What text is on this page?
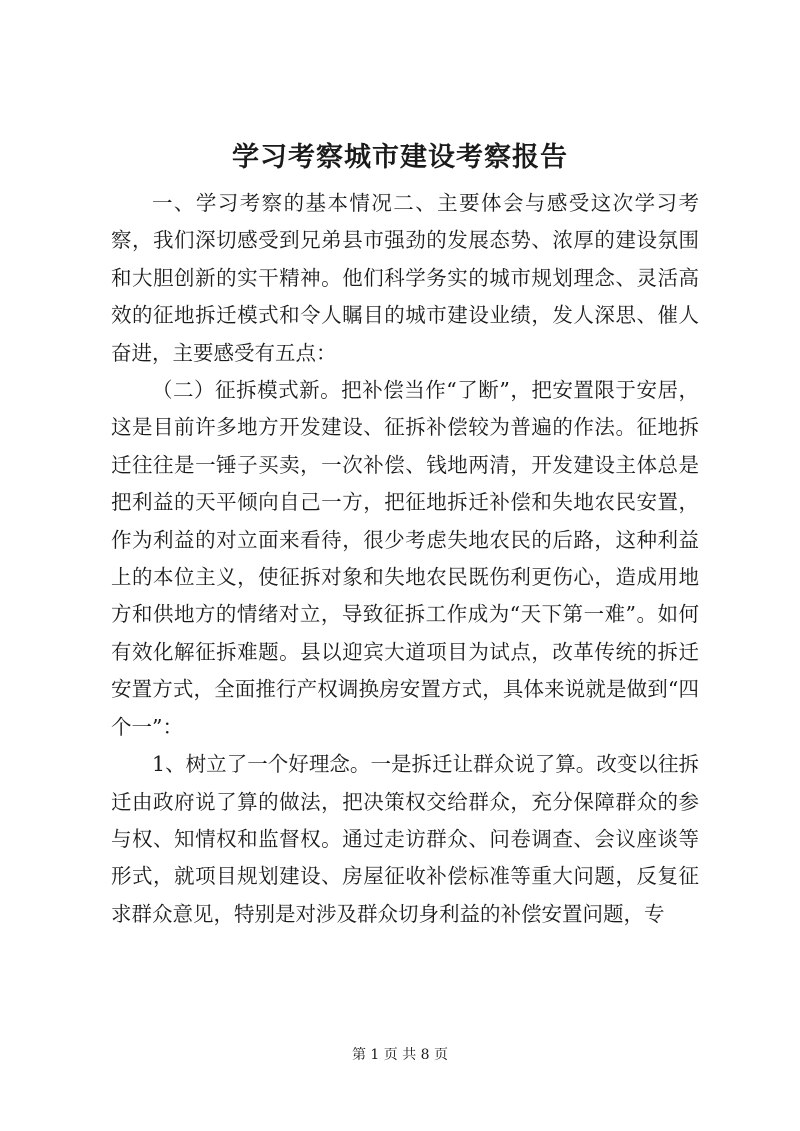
学习考察城市建设考察报告

一、学习考察的基本情况二、主要体会与感受这次学习考察，我们深切感受到兄弟县市强劲的发展态势、浓厚的建设氛围和大胆创新的实干精神。他们科学务实的城市规划理念、灵活高效的征地拆迁模式和令人瞩目的城市建设业绩，发人深思、催人奋进，主要感受有五点：

（二）征拆模式新。把补偿当作“了断”，把安置限于安居，这是目前许多地方开发建设、征拆补偿较为普遍的作法。征地拆迁往往是一锤子买卖，一次补偿、钱地两清，开发建设主体总是把利益的天平倾向自己一方，把征地拆迁补偿和失地农民安置，作为利益的对立面来看待，很少考虑失地农民的后路，这种利益上的本位主义，使征拆对象和失地农民既伤利更伤心，造成用地方和供地方的情绪对立，导致征拆工作成为“天下第一难”。如何有效化解征拆难题。县以迎宾大道项目为试点，改革传统的拆迁安置方式，全面推行产权调换房安置方式，具体来说就是做到“四个一”：

1、树立了一个好理念。一是拆迁让群众说了算。改变以往拆迁由政府说了算的做法，把决策权交给群众，充分保障群众的参与权、知情权和监督权。通过走访群众、问卷调查、会议座谈等形式，就项目规划建设、房屋征收补偿标准等重大问题，反复征求群众意见，特别是对涉及群众切身利益的补偿安置问题，专

第 1 页 共 8 页
